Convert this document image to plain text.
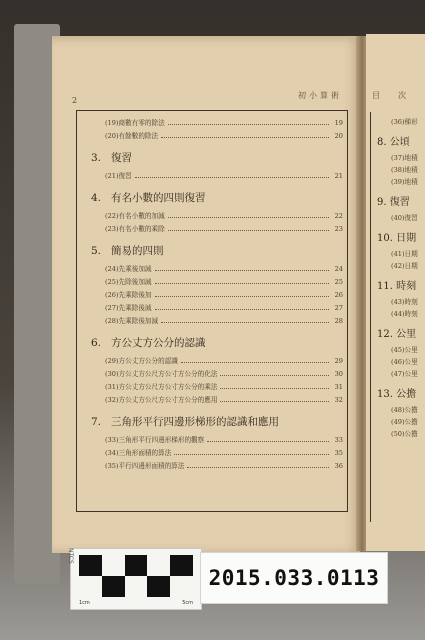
2
初小算術	目次
(19)商數有零的除法	19
(20)有餘數的除法	20
3. 復習
(21)復習	21
4. 有名小數的四則復習
(22)有名小數的加減	22
(23)有名小數的乘除	23
5. 簡易的四則
(24)先乘後加減	24
(25)先除後加減	25
(26)先乘除後加	26
(27)先乘除後減	27
(28)先乘除後加減	28
6. 方公丈方公分的認識
(29)方公丈方公分的認識	29
(30)方公丈方公尺方公寸方公分的化法	30
(31)方公丈方公尺方公寸方公分的乘法	31
(32)方公丈方公尺方公寸方公分的應用	32
7. 三角形平行四邊形梯形的認識和應用
(33)三角形平行四邊形梯形的觀察	33
(34)三角形面積的算法	35
(35)平行四邊形面積的算法	36
(36)梯形
8. 公頃
(37)地積
(38)地積
(39)地積
9. 復習
(40)復習
10. 日期
(41)日期
(42)日期
11. 時刻
(43)時刻
(44)時刻
12. 公里
(45)公里
(46)公里
(47)公里
13. 公擔
(48)公擔
(49)公擔
(50)公擔
1cm	5cm
NTCS
2015.033.0113
